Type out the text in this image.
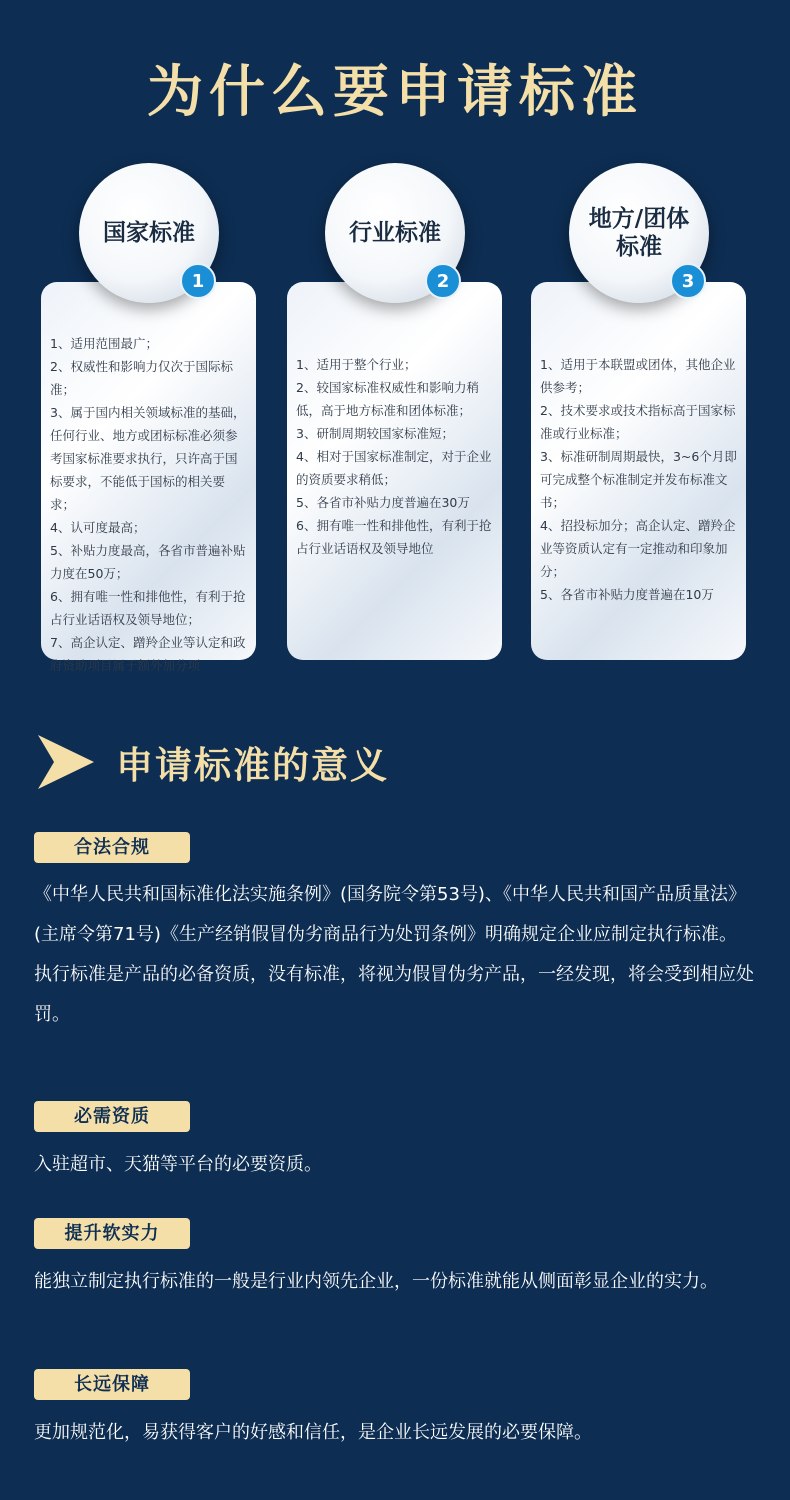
为什么要申请标准
1、适用范围最广；
2、权威性和影响力仅次于国际标准；
3、属于国内相关领域标准的基础，任何行业、地方或团标标准必须参考国家标准要求执行，只许高于国标要求，不能低于国标的相关要求；
4、认可度最高；
5、补贴力度最高，各省市普遍补贴力度在50万；
6、拥有唯一性和排他性，有利于抢占行业话语权及领导地位；
7、高企认定、蹭羚企业等认定和政府资助项目属于额外加分项
国家标准
1
1、适用于整个行业；
2、较国家标准权威性和影响力稍低，高于地方标准和团体标准；
3、研制周期较国家标准短；
4、相对于国家标准制定，对于企业的资质要求稍低；
5、各省市补贴力度普遍在30万
6、拥有唯一性和排他性，有利于抢占行业话语权及领导地位
行业标准
2
1、适用于本联盟或团体，其他企业供参考；
2、技术要求或技术指标高于国家标准或行业标准；
3、标准研制周期最快，3~6个月即可完成整个标准制定并发布标准文书；
4、招投标加分；高企认定、蹭羚企业等资质认定有一定推动和印象加分；
5、各省市补贴力度普遍在10万
地方/团体
标准
3
申请标准的意义
合法合规
《中华人民共和国标准化法实施条例》(国务院令第53号)、《中华人民共和国产品质量法》(主席令第71号)《生产经销假冒伪劣商品行为处罚条例》明确规定企业应制定执行标准。
执行标准是产品的必备资质，没有标准，将视为假冒伪劣产品，一经发现，将会受到相应处罚。
必需资质
入驻超市、天猫等平台的必要资质。
提升软实力
能独立制定执行标准的一般是行业内领先企业，一份标准就能从侧面彰显企业的实力。
长远保障
更加规范化，易获得客户的好感和信任，是企业长远发展的必要保障。
